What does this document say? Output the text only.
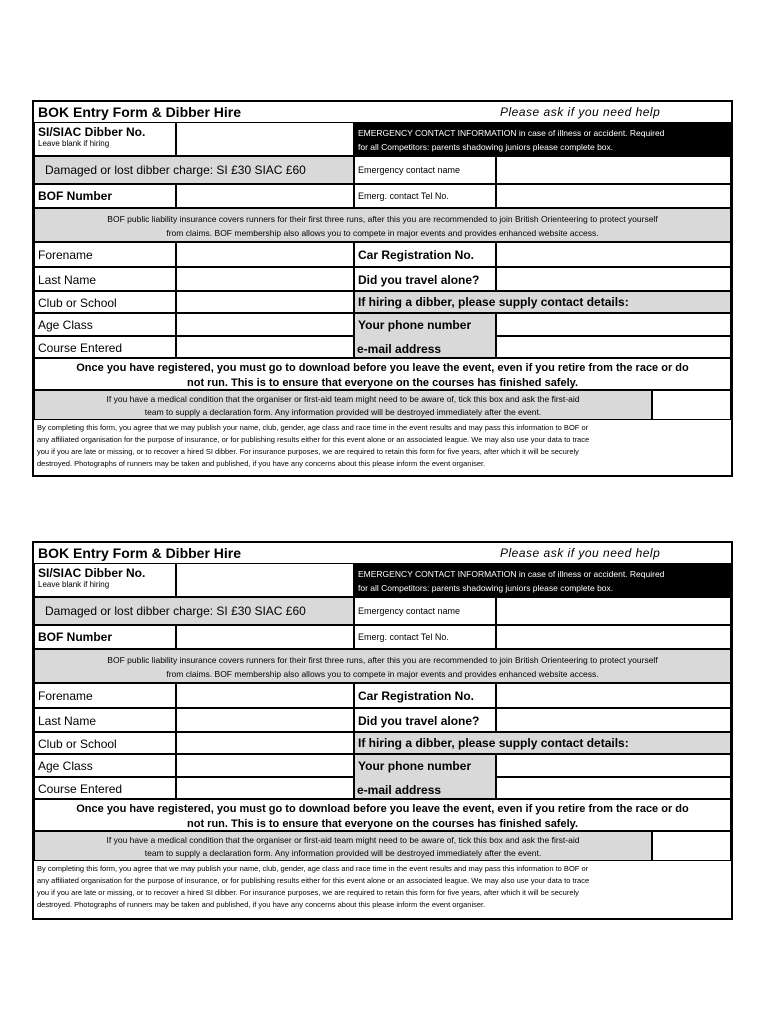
BOK Entry Form & Dibber Hire	Please ask if you need help
SI/SIAC Dibber No.
Leave blank if hiring
EMERGENCY CONTACT INFORMATION in case of illness or accident. Required
for all Competitors: parents shadowing juniors please complete box.
Damaged or lost dibber charge: SI £30 SIAC £60	Emergency contact name
BOF Number	Emerg. contact Tel No.
BOF public liability insurance covers runners for their first three runs, after this you are recommended to join British Orienteering to protect yourself
from claims. BOF membership also allows you to compete in major events and provides enhanced website access.
Forename	Car Registration No.
Last Name	Did you travel alone?
Club or School	If hiring a dibber, please supply contact details:
Age Class	Your phone number
Course Entered	e-mail address
Once you have registered, you must go to download before you leave the event, even if you retire from the race or do
not run. This is to ensure that everyone on the courses has finished safely.
If you have a medical condition that the organiser or first-aid team might need to be aware of, tick this box and ask the first-aid
team to supply a declaration form. Any information provided will be destroyed immediately after the event.
By completing this form, you agree that we may publish your name, club, gender, age class and race time in the event results and may pass this information to BOF or
any affiliated organisation for the purpose of insurance, or for publishing results either for this event alone or an associated league. We may also use your data to trace
you if you are late or missing, or to recover a hired SI dibber. For insurance purposes, we are required to retain this form for five years, after which it will be securely
destroyed. Photographs of runners may be taken and published, if you have any concerns about this please inform the event organiser.
BOK Entry Form & Dibber Hire	Please ask if you need help
SI/SIAC Dibber No.
Leave blank if hiring
EMERGENCY CONTACT INFORMATION in case of illness or accident. Required
for all Competitors: parents shadowing juniors please complete box.
Damaged or lost dibber charge: SI £30 SIAC £60	Emergency contact name
BOF Number	Emerg. contact Tel No.
BOF public liability insurance covers runners for their first three runs, after this you are recommended to join British Orienteering to protect yourself
from claims. BOF membership also allows you to compete in major events and provides enhanced website access.
Forename	Car Registration No.
Last Name	Did you travel alone?
Club or School	If hiring a dibber, please supply contact details:
Age Class	Your phone number
Course Entered	e-mail address
Once you have registered, you must go to download before you leave the event, even if you retire from the race or do
not run. This is to ensure that everyone on the courses has finished safely.
If you have a medical condition that the organiser or first-aid team might need to be aware of, tick this box and ask the first-aid
team to supply a declaration form. Any information provided will be destroyed immediately after the event.
By completing this form, you agree that we may publish your name, club, gender, age class and race time in the event results and may pass this information to BOF or
any affiliated organisation for the purpose of insurance, or for publishing results either for this event alone or an associated league. We may also use your data to trace
you if you are late or missing, or to recover a hired SI dibber. For insurance purposes, we are required to retain this form for five years, after which it will be securely
destroyed. Photographs of runners may be taken and published, if you have any concerns about this please inform the event organiser.
